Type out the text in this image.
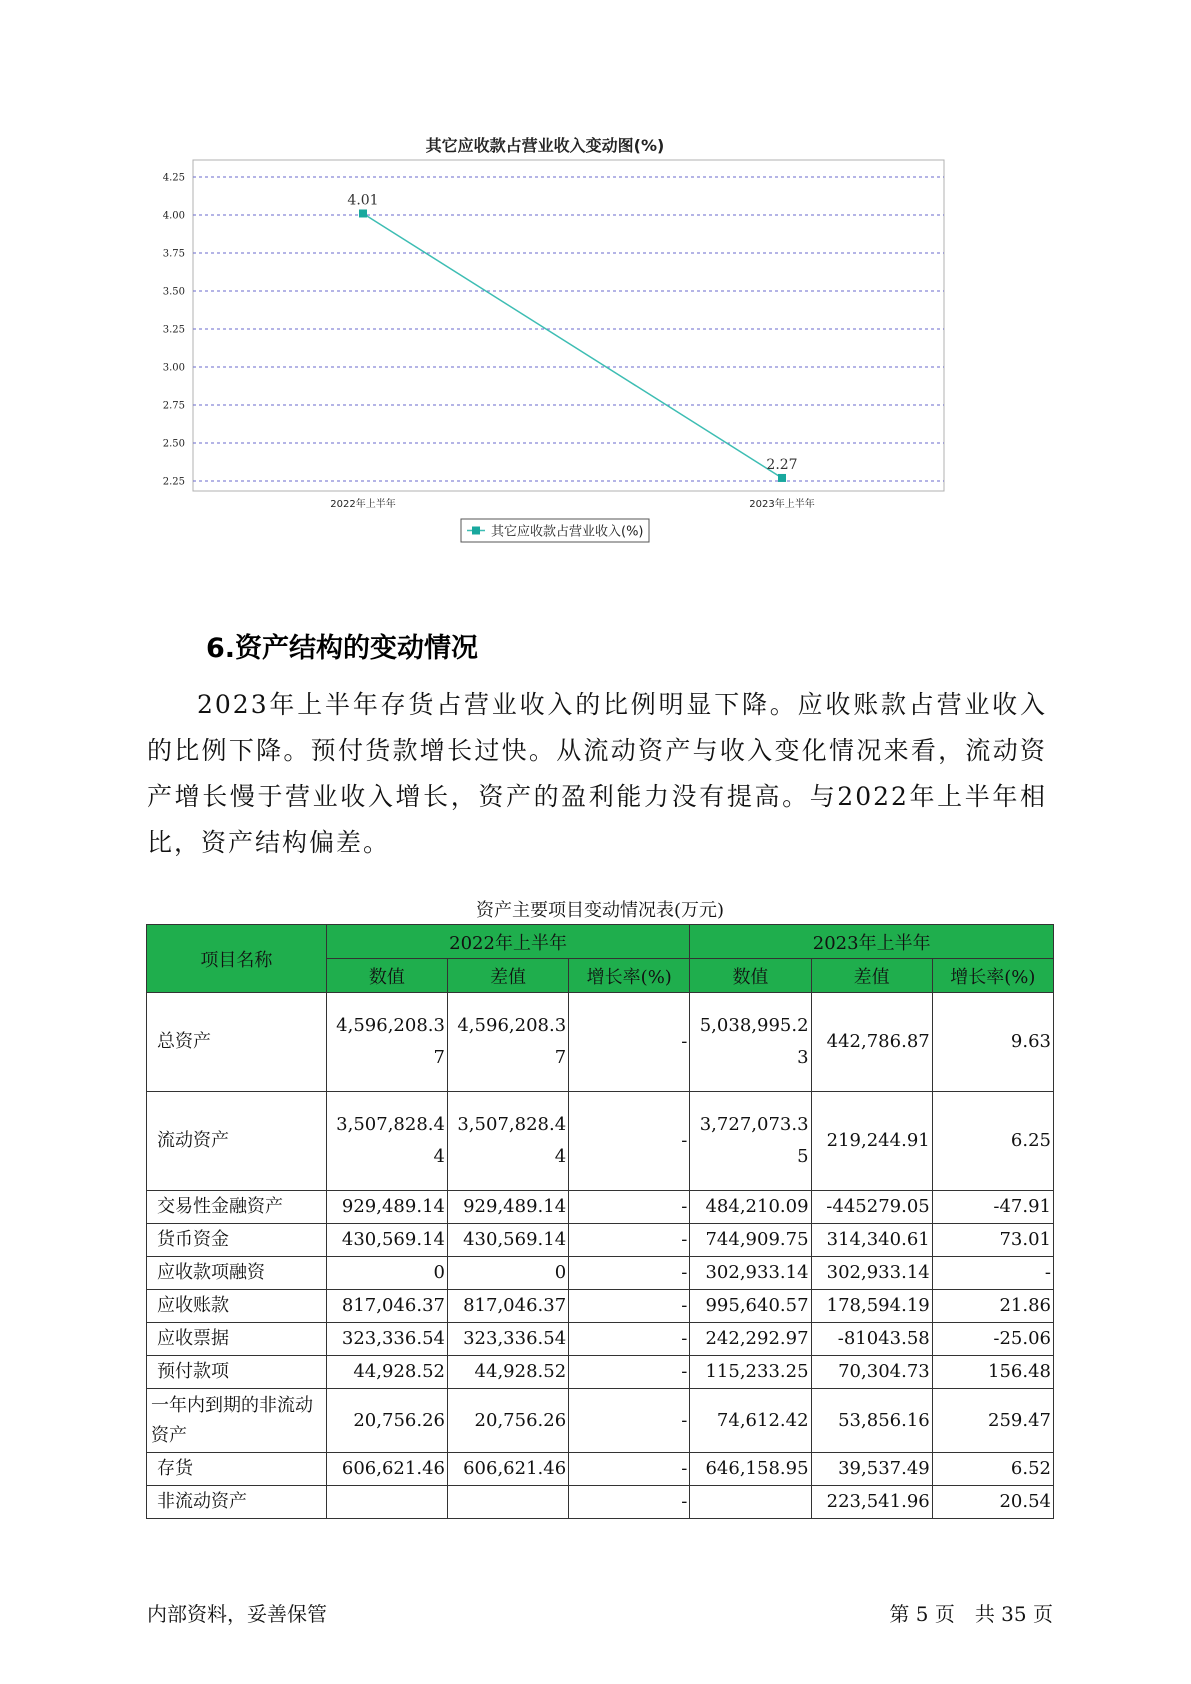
其它应收款占营业收入变动图(%)
2.25
2.50
2.75
3.00
3.25
3.50
3.75
4.00
4.25
2022年上半年	2023年上半年
4.01
2.27
其它应收款占营业收入(%)
6.资产结构的变动情况

2023年上半年存货占营业收入的比例明显下降。应收账款占营业收入的比例下降。预付货款增长过快。从流动资产与收入变化情况来看，流动资产增长慢于营业收入增长，资产的盈利能力没有提高。与2022年上半年相比，资产结构偏差。

资产主要项目变动情况表(万元)
项目名称	2022年上半年			2023年上半年		
	数值	差值	增长率(%)	数值	差值	增长率(%)
总资产	4,596,208.37	4,596,208.37	-	5,038,995.23	442,786.87	9.63
流动资产	3,507,828.44	3,507,828.44	-	3,727,073.35	219,244.91	6.25
交易性金融资产	929,489.14	929,489.14	-	484,210.09	-445279.05	-47.91
货币资金	430,569.14	430,569.14	-	744,909.75	314,340.61	73.01
应收款项融资	0	0	-	302,933.14	302,933.14	-
应收账款	817,046.37	817,046.37	-	995,640.57	178,594.19	21.86
应收票据	323,336.54	323,336.54	-	242,292.97	-81043.58	-25.06
预付款项	44,928.52	44,928.52	-	115,233.25	70,304.73	156.48
一年内到期的非流动资产	20,756.26	20,756.26	-	74,612.42	53,856.16	259.47
存货	606,621.46	606,621.46	-	646,158.95	39,537.49	6.52
非流动资产			-		223,541.96	20.54
内部资料，妥善保管	第 5 页　共 35 页
